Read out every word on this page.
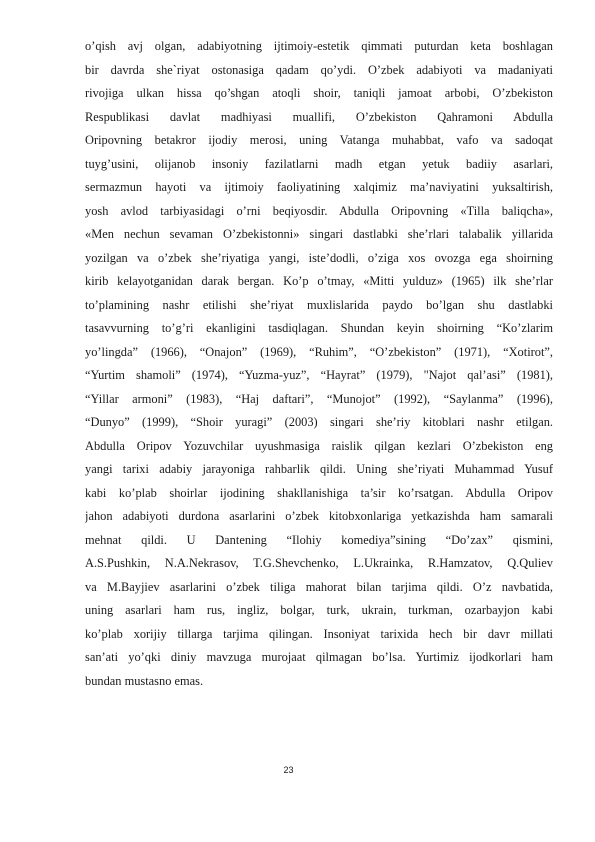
o’qish avj olgan, adabiyotning ijtimoiy-estetik qimmati puturdan keta boshlagan
bir davrda she`riyat ostonasiga qadam qo’ydi. O’zbek adabiyoti va madaniyati
rivojiga ulkan hissa qo’shgan atoqli shoir, taniqli jamoat arbobi, O’zbekiston
Respublikasi davlat madhiyasi muallifi, O’zbekiston Qahramoni Abdulla
Oripovning betakror ijodiy merosi, uning Vatanga muhabbat, vafo va sadoqat
tuyg’usini, olijanob insoniy fazilatlarni madh etgan yetuk badiiy asarlari,
sermazmun hayoti va ijtimoiy faoliyatining xalqimiz ma’naviyatini yuksaltirish,
yosh avlod tarbiyasidagi o’rni beqiyosdir. Abdulla Oripovning «Tilla baliqcha»,
«Men nechun sevaman O’zbekistonni» singari dastlabki she’rlari talabalik yillarida
yozilgan va o’zbek she’riyatiga yangi, iste’dodli, o’ziga xos ovozga ega shoirning
kirib kelayotganidan darak bergan. Ko’p o’tmay, «Mitti yulduz» (1965) ilk she’rlar
to’plamining nashr etilishi she’riyat muxlislarida paydo bo’lgan shu dastlabki
tasavvurning to’g’ri ekanligini tasdiqlagan. Shundan keyin shoirning “Ko’zlarim
yo’lingda” (1966), “Onajon” (1969), “Ruhim”, “O’zbekiston” (1971), “Xotirot”,
“Yurtim shamoli” (1974), “Yuzma-yuz”, “Hayrat” (1979), "Najot qal’asi” (1981),
“Yillar armoni” (1983), “Haj daftari”, “Munojot” (1992), “Saylanma” (1996),
“Dunyo” (1999), “Shoir yuragi” (2003) singari she’riy kitoblari nashr etilgan.
Abdulla Oripov Yozuvchilar uyushmasiga raislik qilgan kezlari O’zbekiston eng
yangi tarixi adabiy jarayoniga rahbarlik qildi. Uning she’riyati Muhammad Yusuf
kabi ko’plab shoirlar ijodining shakllanishiga ta’sir ko’rsatgan. Abdulla Oripov
jahon adabiyoti durdona asarlarini o’zbek kitobxonlariga yetkazishda ham samarali
mehnat qildi. U Dantening “Ilohiy komediya”sining “Do’zax” qismini,
A.S.Pushkin, N.A.Nekrasov, T.G.Shevchenko, L.Ukrainka, R.Hamzatov, Q.Quliev
va M.Bayjiev asarlarini o’zbek tiliga mahorat bilan tarjima qildi. O’z navbatida,
uning asarlari ham rus, ingliz, bolgar, turk, ukrain, turkman, ozarbayjon kabi
ko’plab xorijiy tillarga tarjima qilingan. Insoniyat tarixida hech bir davr millati
san’ati yo’qki diniy mavzuga murojaat qilmagan bo’lsa. Yurtimiz ijodkorlari ham
bundan mustasno emas.
23
